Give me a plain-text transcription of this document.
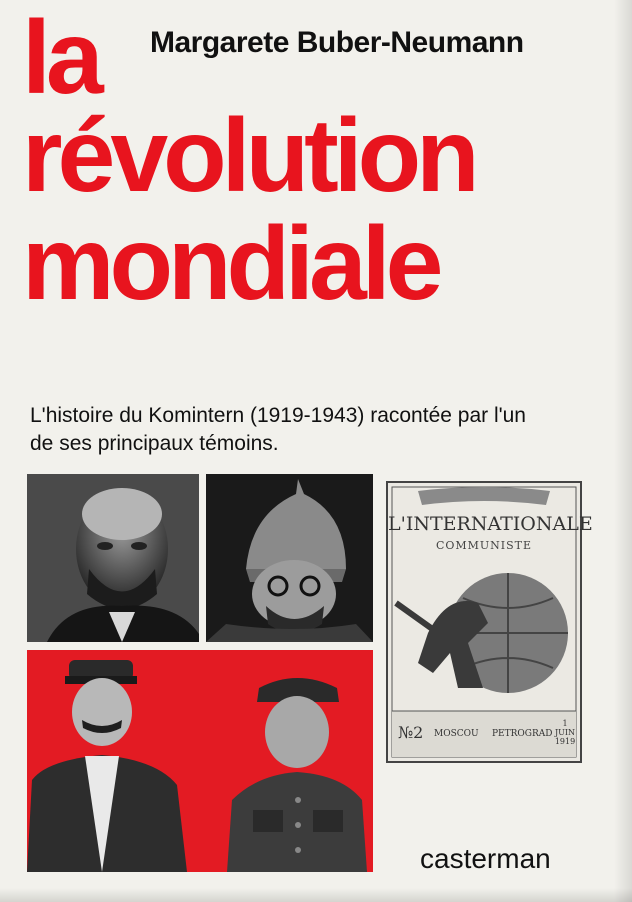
Margarete Buber-Neumann
la
révolution
mondiale
L'histoire du Komintern (1919-1943) racontée par l'un
de ses principaux témoins.
L'INTERNATIONALE
COMMUNISTE
№2 MOSCOU PETROGRAD
1
JUIN
1919
casterman
